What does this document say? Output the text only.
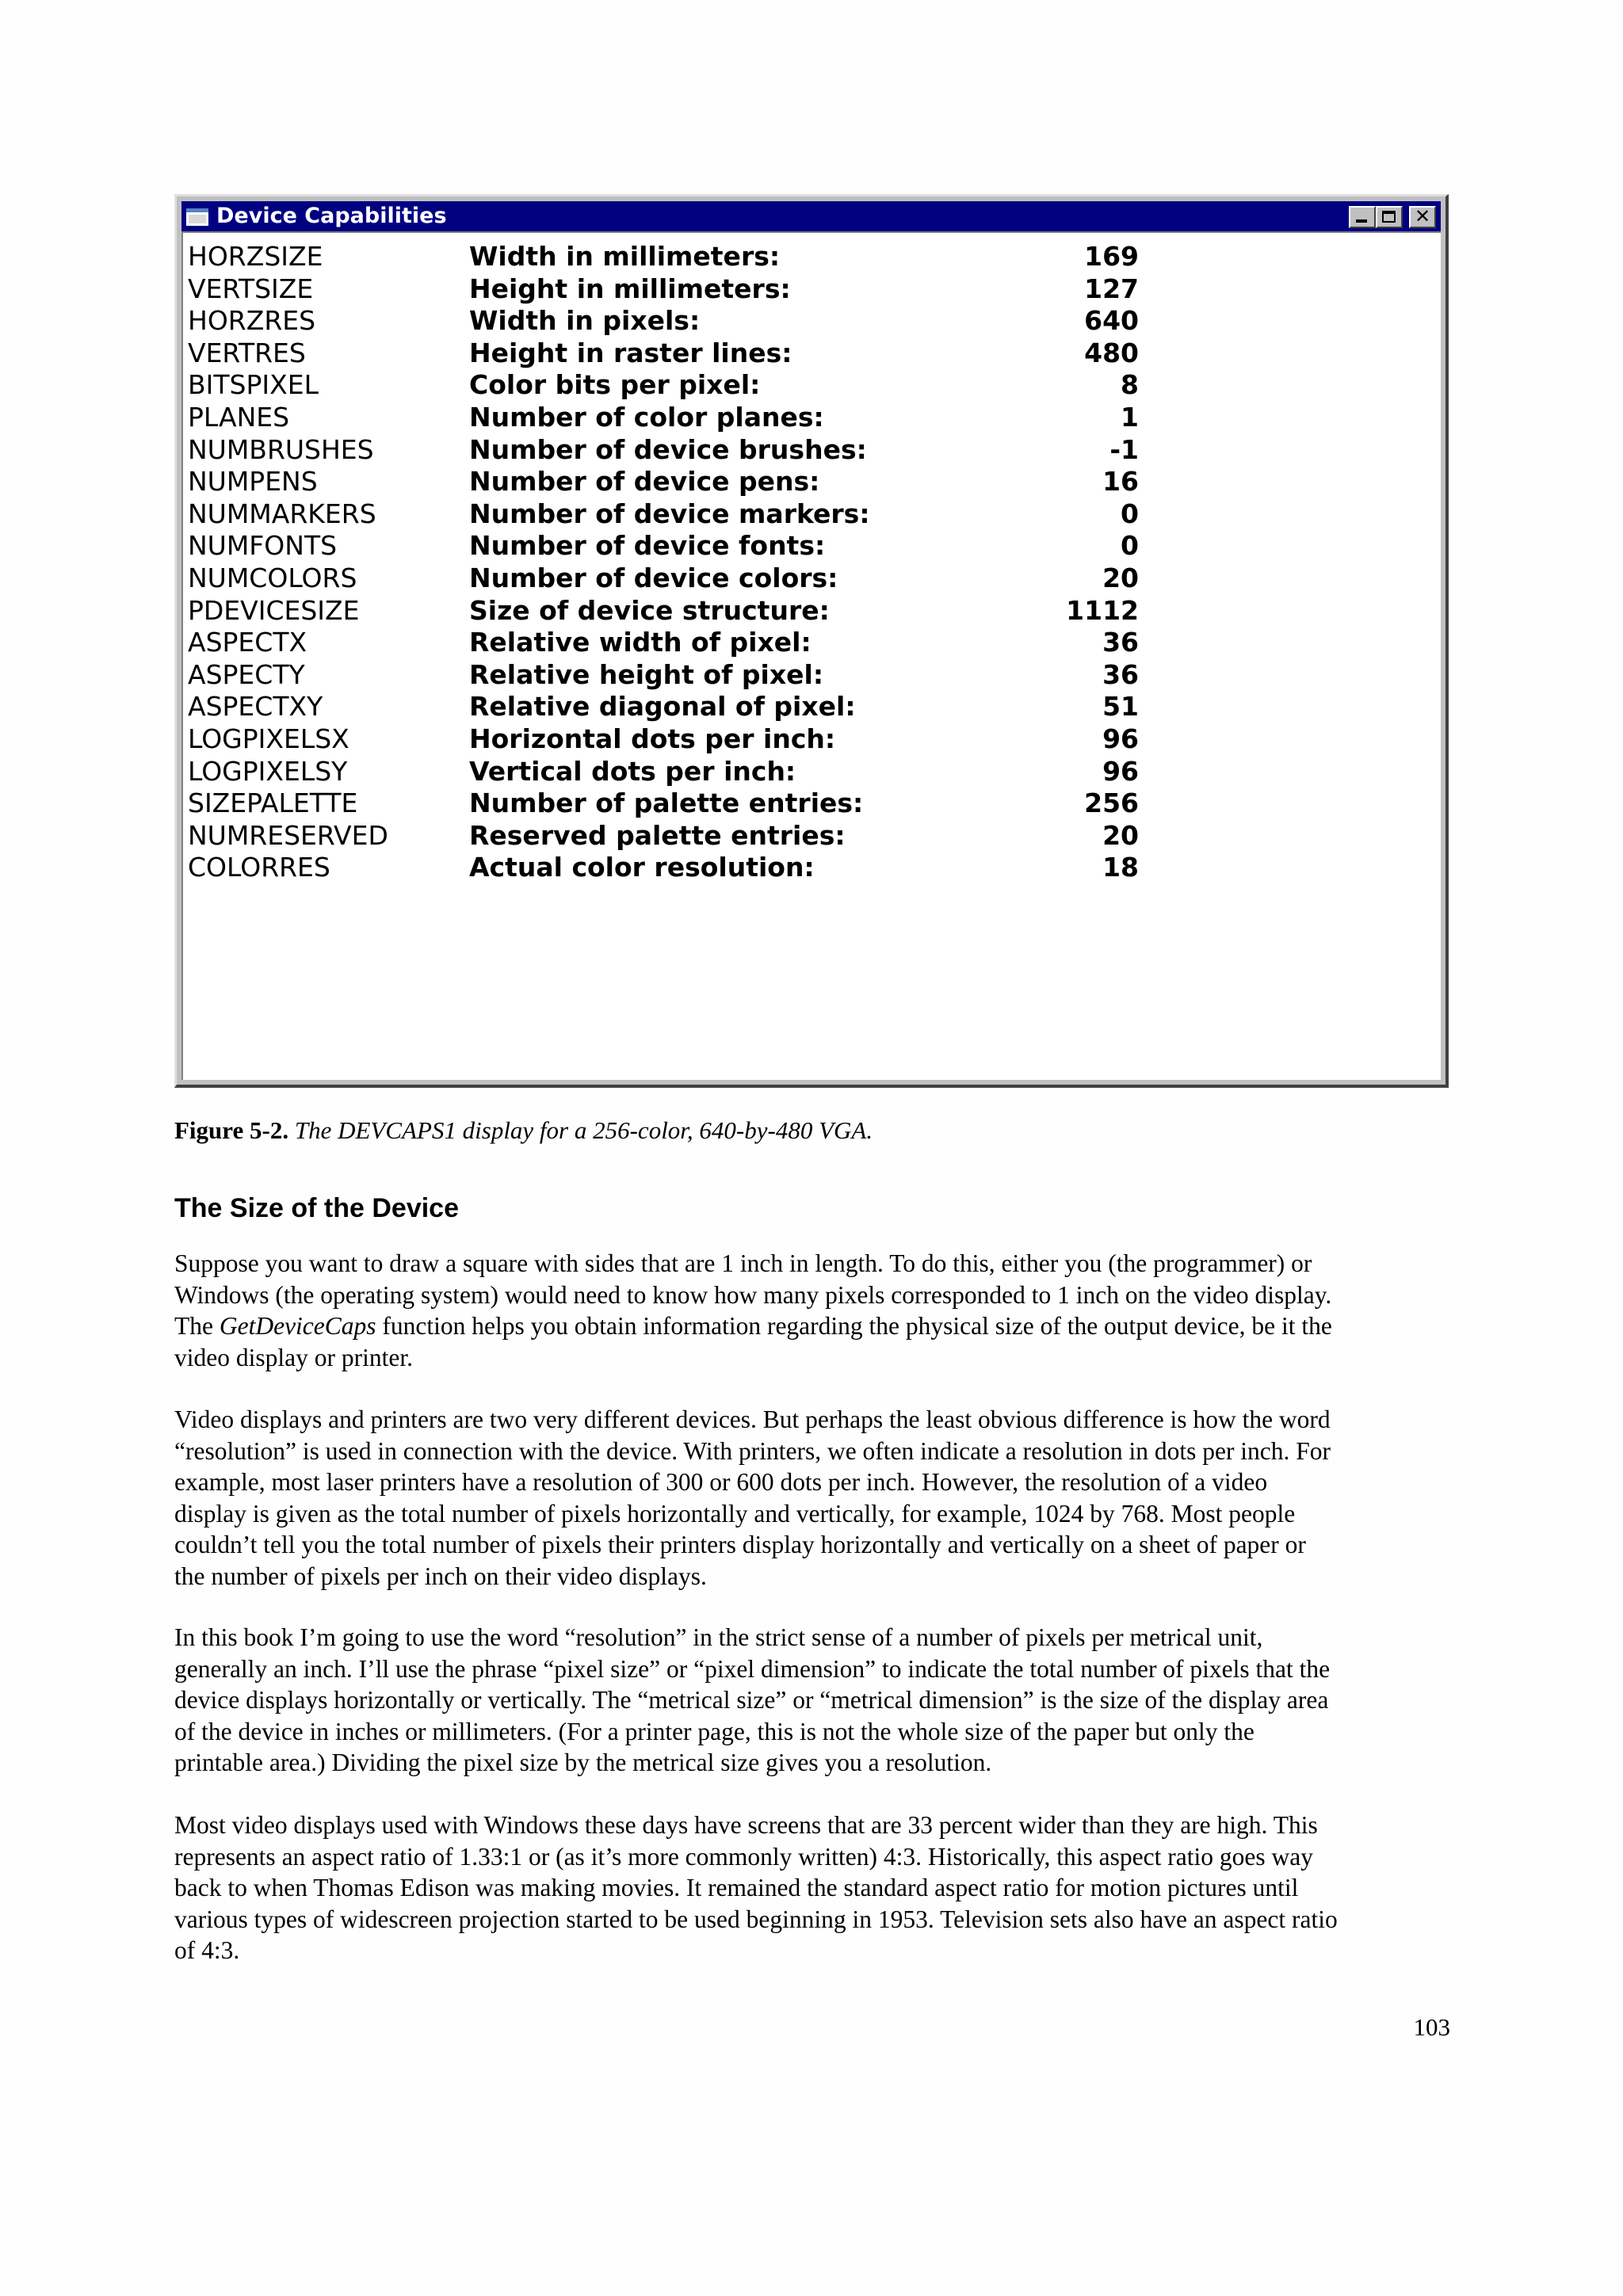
Device Capabilities	✕
HORZSIZE	Width in millimeters:	169
VERTSIZE	Height in millimeters:	127
HORZRES	Width in pixels:	640
VERTRES	Height in raster lines:	480
BITSPIXEL	Color bits per pixel:	8
PLANES	Number of color planes:	1
NUMBRUSHES	Number of device brushes:	-1
NUMPENS	Number of device pens:	16
NUMMARKERS	Number of device markers:	0
NUMFONTS	Number of device fonts:	0
NUMCOLORS	Number of device colors:	20
PDEVICESIZE	Size of device structure:	1112
ASPECTX	Relative width of pixel:	36
ASPECTY	Relative height of pixel:	36
ASPECTXY	Relative diagonal of pixel:	51
LOGPIXELSX	Horizontal dots per inch:	96
LOGPIXELSY	Vertical dots per inch:	96
SIZEPALETTE	Number of palette entries:	256
NUMRESERVED	Reserved palette entries:	20
COLORRES	Actual color resolution:	18
Figure 5-2. The DEVCAPS1 display for a 256-color, 640-by-480 VGA.
The Size of the Device
Suppose you want to draw a square with sides that are 1 inch in length. To do this, either you (the programmer) or
Windows (the operating system) would need to know how many pixels corresponded to 1 inch on the video display.
The GetDeviceCaps function helps you obtain information regarding the physical size of the output device, be it the
video display or printer.
Video displays and printers are two very different devices. But perhaps the least obvious difference is how the word
“resolution” is used in connection with the device. With printers, we often indicate a resolution in dots per inch. For
example, most laser printers have a resolution of 300 or 600 dots per inch. However, the resolution of a video
display is given as the total number of pixels horizontally and vertically, for example, 1024 by 768. Most people
couldn’t tell you the total number of pixels their printers display horizontally and vertically on a sheet of paper or
the number of pixels per inch on their video displays.
In this book I’m going to use the word “resolution” in the strict sense of a number of pixels per metrical unit,
generally an inch. I’ll use the phrase “pixel size” or “pixel dimension” to indicate the total number of pixels that the
device displays horizontally or vertically. The “metrical size” or “metrical dimension” is the size of the display area
of the device in inches or millimeters. (For a printer page, this is not the whole size of the paper but only the
printable area.) Dividing the pixel size by the metrical size gives you a resolution.
Most video displays used with Windows these days have screens that are 33 percent wider than they are high. This
represents an aspect ratio of 1.33:1 or (as it’s more commonly written) 4:3. Historically, this aspect ratio goes way
back to when Thomas Edison was making movies. It remained the standard aspect ratio for motion pictures until
various types of widescreen projection started to be used beginning in 1953. Television sets also have an aspect ratio
of 4:3.
103
